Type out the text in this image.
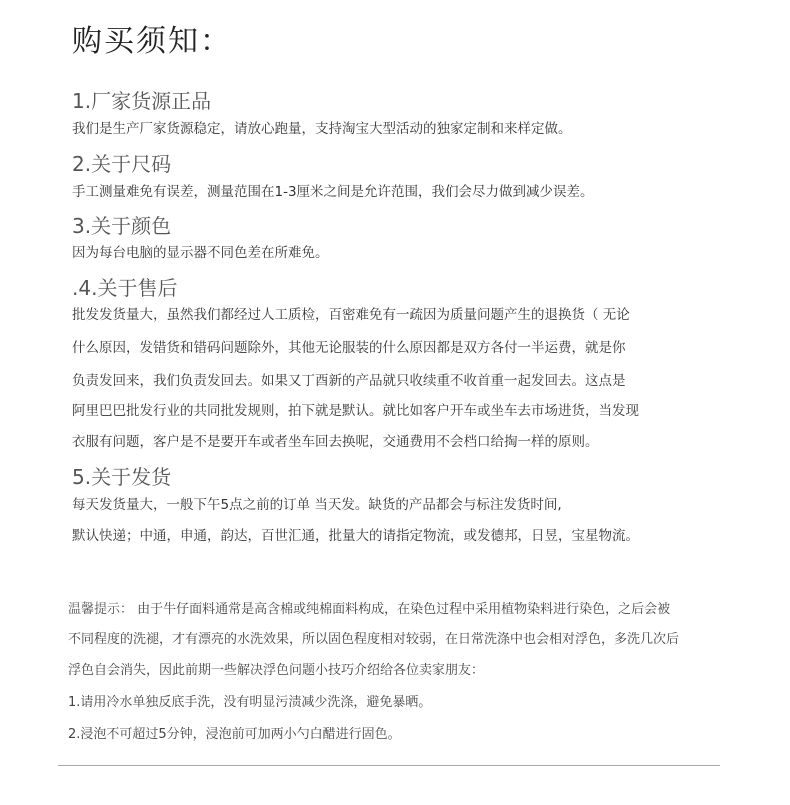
购买须知：
1.厂家货源正品
我们是生产厂家货源稳定，请放心跑量，支持淘宝大型活动的独家定制和来样定做。
2.关于尺码
手工测量难免有误差，测量范围在1-3厘米之间是允许范围，我们会尽力做到减少误差。
3.关于颜色
因为每台电脑的显示器不同色差在所难免。
.4.关于售后
批发发货量大，虽然我们都经过人工质检，百密难免有一疏因为质量问题产生的退换货（ 无论
什么原因，发错货和错码问题除外，其他无论服装的什么原因都是双方各付一半运费，就是你
负责发回来，我们负责发回去。如果又丁酉新的产品就只收续重不收首重一起发回去。这点是
阿里巴巴批发行业的共同批发规则，拍下就是默认。就比如客户开车或坐车去市场进货，当发现
衣服有问题，客户是不是要开车或者坐车回去换呢，交通费用不会档口给掏一样的原则。
5.关于发货
每天发货量大，一般下午5点之前的订单 当天发。缺货的产品都会与标注发货时间,
默认快递；中通，申通，韵达，百世汇通，批量大的请指定物流，或发德邦，日昱，宝星物流。
温馨提示： 由于牛仔面料通常是高含棉或纯棉面料构成，在染色过程中采用植物染料进行染色，之后会被
不同程度的洗褪，才有漂亮的水洗效果，所以固色程度相对较弱，在日常洗涤中也会相对浮色，多洗几次后
浮色自会消失，因此前期一些解决浮色问题小技巧介绍给各位卖家朋友：
1.请用冷水单独反底手洗，没有明显污渍减少洗涤，避免暴晒。
2.浸泡不可超过5分钟，浸泡前可加两小勺白醋进行固色。
